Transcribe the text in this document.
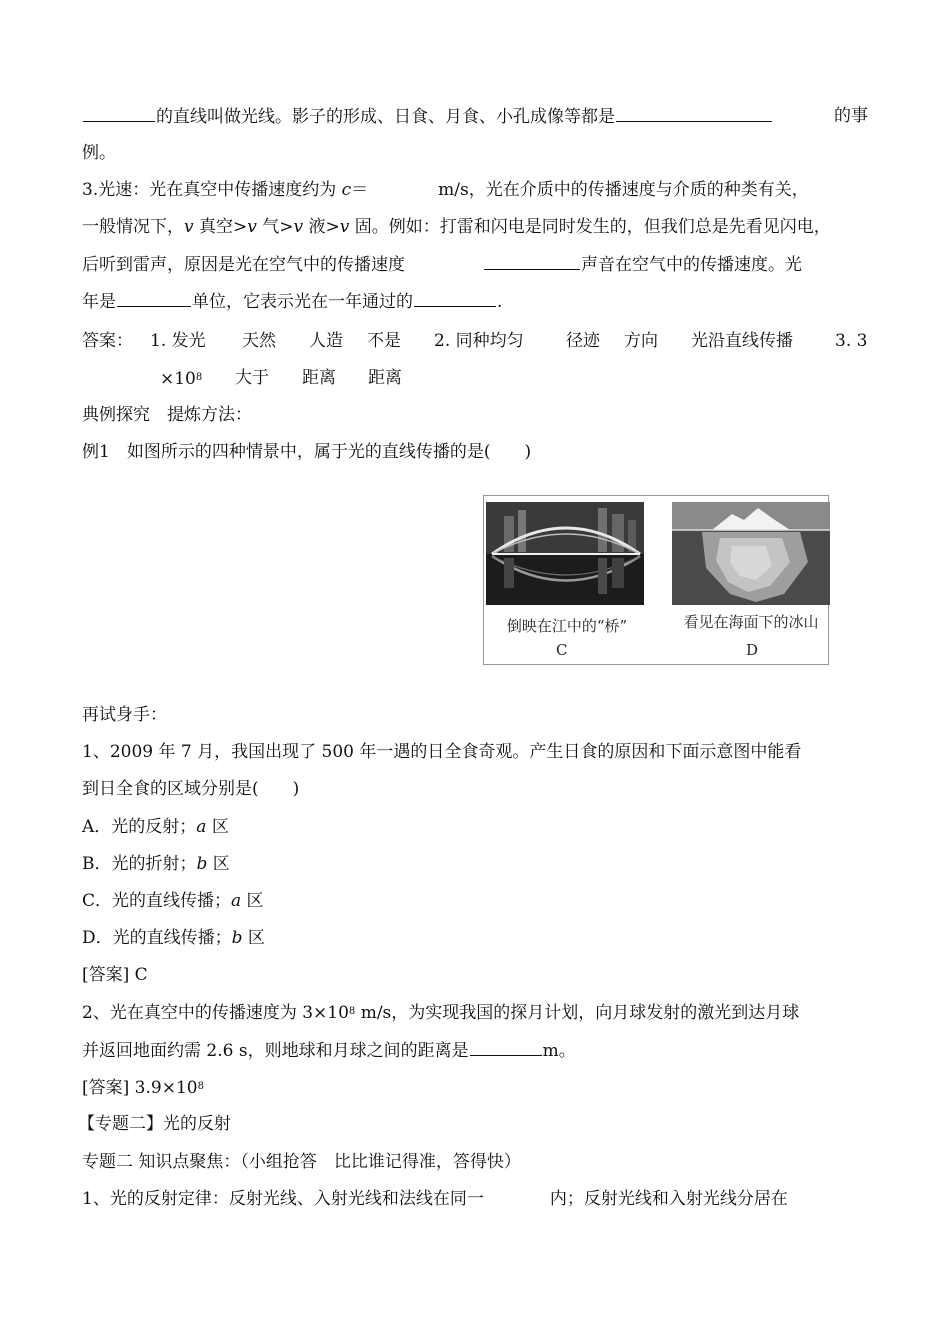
的直线叫做光线。影子的形成、日食、月食、小孔成像等都是	的事
例。
3.光速：光在真空中传播速度约为 c＝	m/s，光在介质中的传播速度与介质的种类有关，
一般情况下，v 真空>v 气>v 液>v 固。例如：打雷和闪电是同时发生的，但我们总是先看见闪电，
后听到雷声，原因是光在空气中的传播速度	声音在空气中的传播速度。光
年是	单位，它表示光在一年通过的	.
答案： 1. 发光 天然 人造 不是 2. 同种均匀 径迹 方向 光沿直线传播 3. 3
$\times 10^8$ 大于 距离 距离
典例探究　提炼方法：
例1　如图所示的四种情景中，属于光的直线传播的是(　　)
倒映在江中的“桥”
C
看见在海面下的冰山
D
再试身手：
1、2009 年 7 月，我国出现了 500 年一遇的日全食奇观。产生日食的原因和下面示意图中能看
到日全食的区域分别是(　　)
A．光的反射；a 区
B．光的折射；b 区
C．光的直线传播；a 区
D．光的直线传播；b 区
[答案] C
2、光在真空中的传播速度为 $3\times 10^8$ m/s，为实现我国的探月计划，向月球发射的激光到达月球
并返回地面约需 2.6 s，则地球和月球之间的距离是	m。
[答案] $3.9\times 10^8$
【专题二】光的反射
专题二 知识点聚焦：（小组抢答　比比谁记得准，答得快）
1、光的反射定律：反射光线、入射光线和法线在同一	内；反射光线和入射光线分居在
